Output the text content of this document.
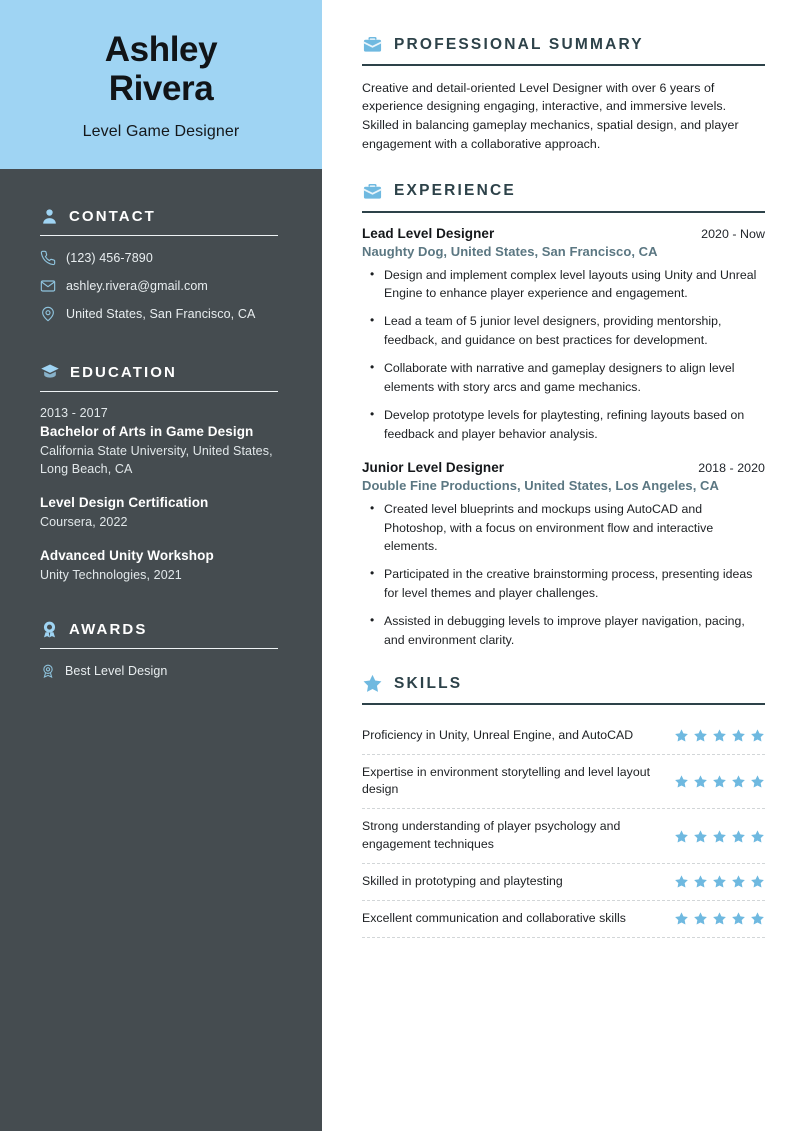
Ashley
Rivera
Level Game Designer
CONTACT
(123) 456-7890
ashley.rivera@gmail.com
United States, San Francisco, CA
EDUCATION
2013 - 2017
Bachelor of Arts in Game Design
California State University, United States, Long Beach, CA
Level Design Certification
Coursera, 2022
Advanced Unity Workshop
Unity Technologies, 2021
AWARDS
Best Level Design
PROFESSIONAL SUMMARY

Creative and detail-oriented Level Designer with over 6 years of experience designing engaging, interactive, and immersive levels. Skilled in balancing gameplay mechanics, spatial design, and player engagement with a collaborative approach.

EXPERIENCE
Lead Level Designer	2020 - Now
Naughty Dog, United States, San Francisco, CA
• Design and implement complex level layouts using Unity and Unreal Engine to enhance player experience and engagement.
• Lead a team of 5 junior level designers, providing mentorship, feedback, and guidance on best practices for development.
• Collaborate with narrative and gameplay designers to align level elements with story arcs and game mechanics.
• Develop prototype levels for playtesting, refining layouts based on feedback and player behavior analysis.
Junior Level Designer	2018 - 2020
Double Fine Productions, United States, Los Angeles, CA
• Created level blueprints and mockups using AutoCAD and Photoshop, with a focus on environment flow and interactive elements.
• Participated in the creative brainstorming process, presenting ideas for level themes and player challenges.
• Assisted in debugging levels to improve player navigation, pacing, and environment clarity.
SKILLS
Proficiency in Unity, Unreal Engine, and AutoCAD
Expertise in environment storytelling and level layout design
Strong understanding of player psychology and engagement techniques
Skilled in prototyping and playtesting
Excellent communication and collaborative skills
